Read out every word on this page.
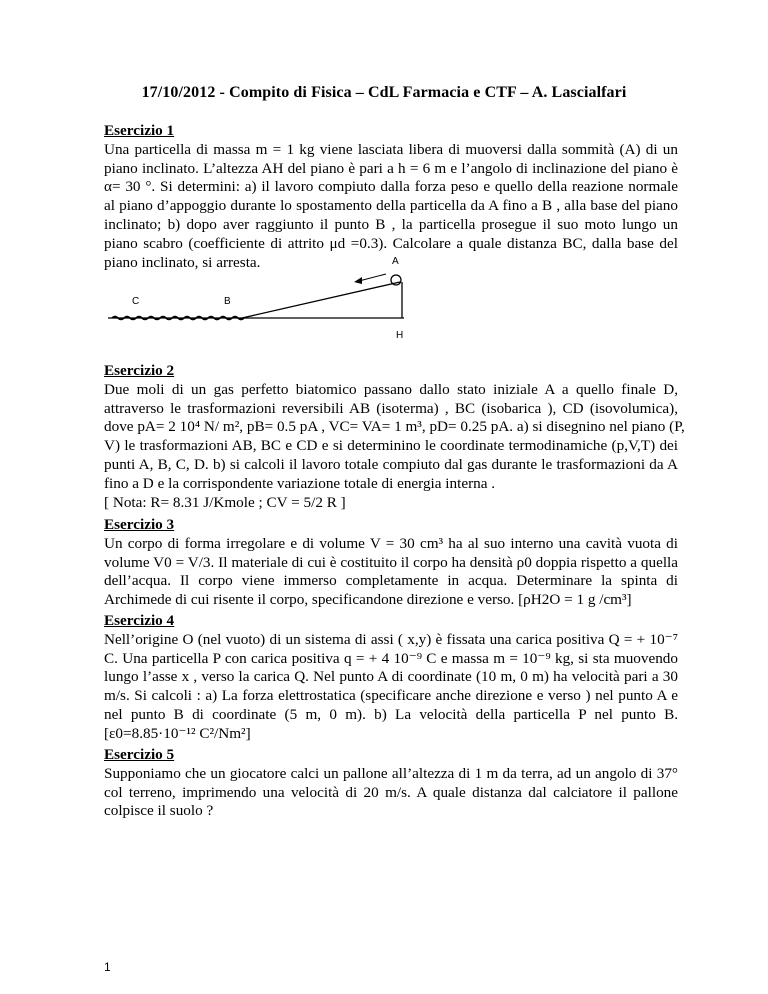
17/10/2012 - Compito di Fisica – CdL Farmacia e CTF – A. Lascialfari

Esercizio 1
Una particella di massa m = 1 kg viene lasciata libera di muoversi dalla sommità (A) di un
piano inclinato. L’altezza AH del piano è pari a h = 6 m e l’angolo di inclinazione del piano è
α= 30 °. Si determini: a) il lavoro compiuto dalla forza peso e quello della reazione normale
al piano d’appoggio durante lo spostamento della particella da A fino a B , alla base del piano
inclinato; b) dopo aver raggiunto il punto B , la particella prosegue il suo moto lungo un
piano scabro (coefficiente di attrito μd =0.3). Calcolare a quale distanza BC, dalla base del
piano inclinato, si arresta.	A
C	B
H

Esercizio 2
Due moli di un gas perfetto biatomico passano dallo stato iniziale A a quello finale D,
attraverso le trasformazioni reversibili AB (isoterma) , BC (isobarica ), CD (isovolumica),
dove pA= 2 10⁴ N/ m², pB= 0.5 pA , VC= VA= 1 m³, pD= 0.25 pA. a) si disegnino nel piano (P,
V) le trasformazioni AB, BC e CD e si determinino le coordinate termodinamiche (p,V,T) dei
punti A, B, C, D. b) si calcoli il lavoro totale compiuto dal gas durante le trasformazioni da A
fino a D e la corrispondente variazione totale di energia interna .
[ Nota: R= 8.31 J/Kmole ; CV = 5/2 R ]

Esercizio 3
Un corpo di forma irregolare e di volume V = 30 cm³ ha al suo interno una cavità vuota di
volume V0 = V/3. Il materiale di cui è costituito il corpo ha densità ρ0 doppia rispetto a quella
dell’acqua. Il corpo viene immerso completamente in acqua. Determinare la spinta di
Archimede di cui risente il corpo, specificandone direzione e verso. [ρH2O = 1 g /cm³]

Esercizio 4
Nell’origine O (nel vuoto) di un sistema di assi ( x,y) è fissata una carica positiva Q = + 10⁻⁷
C. Una particella P con carica positiva q = + 4 10⁻⁹ C e massa m = 10⁻⁹ kg, si sta muovendo
lungo l’asse x , verso la carica Q. Nel punto A di coordinate (10 m, 0 m) ha velocità pari a 30
m/s. Si calcoli : a) La forza elettrostatica (specificare anche direzione e verso ) nel punto A e
nel punto B di coordinate (5 m, 0 m). b) La velocità della particella P nel punto B.
[ε0=8.85·10⁻¹² C²/Nm²]

Esercizio 5
Supponiamo che un giocatore calci un pallone all’altezza di 1 m da terra, ad un angolo di 37°
col terreno, imprimendo una velocità di 20 m/s. A quale distanza dal calciatore il pallone
colpisce il suolo ?

1
